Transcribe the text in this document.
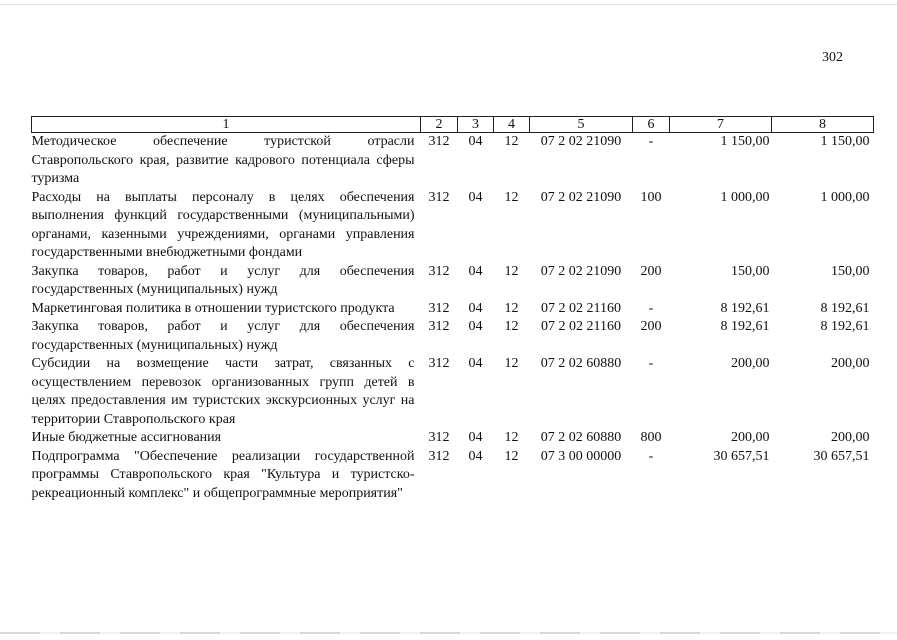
302
1	2	3	4	5	6	7	8
Методическое обеспечение туристской отрасли Ставропольского края, развитие кадрового потенциала сферы туризма	312	04	12	07 2 02 21090	-	1 150,00	1 150,00
Расходы на выплаты персоналу в целях обеспечения выполнения функций государственными (муниципальными) органами, казенными учреждениями, органами управления государственными внебюджетными фондами	312	04	12	07 2 02 21090	100	1 000,00	1 000,00
Закупка товаров, работ и услуг для обеспечения государственных (муниципальных) нужд	312	04	12	07 2 02 21090	200	150,00	150,00
Маркетинговая политика в отношении туристского продукта	312	04	12	07 2 02 21160	-	8 192,61	8 192,61
Закупка товаров, работ и услуг для обеспечения государственных (муниципальных) нужд	312	04	12	07 2 02 21160	200	8 192,61	8 192,61
Субсидии на возмещение части затрат, связанных с осуществлением перевозок организованных групп детей в целях предоставления им туристских экскурсионных услуг на территории Ставропольского края	312	04	12	07 2 02 60880	-	200,00	200,00
Иные бюджетные ассигнования	312	04	12	07 2 02 60880	800	200,00	200,00
Подпрограмма "Обеспечение реализации государственной программы Ставропольского края "Культура и туристско-рекреационный комплекс" и общепрограммные мероприятия"	312	04	12	07 3 00 00000	-	30 657,51	30 657,51
